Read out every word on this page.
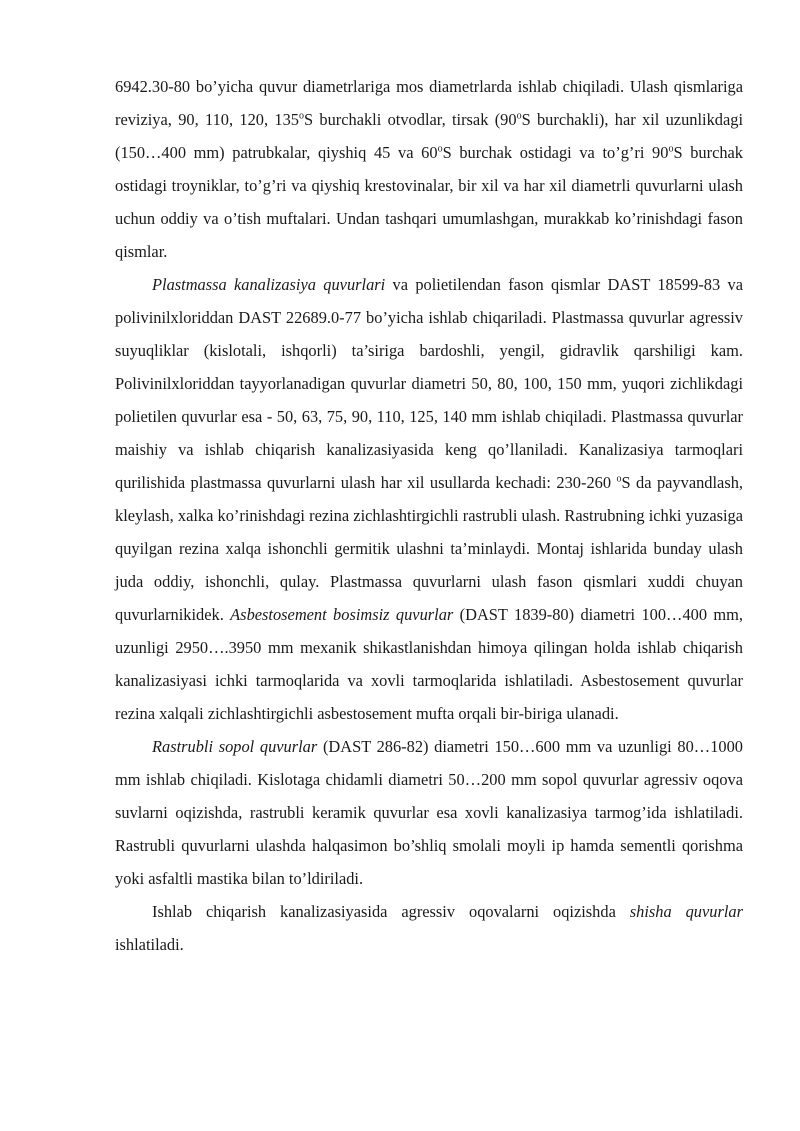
6942.30-80 bo’yicha quvur diametrlariga mos diametrlarda ishlab chiqiladi. Ulash qismlariga reviziya, 90, 110, 120, 135$^o$S burchakli otvodlar, tirsak (90$^o$S burchakli), har xil uzunlikdagi (150…400 mm) patrubkalar, qiyshiq 45 va 60$^o$S burchak ostidagi va to’g’ri 90$^o$S burchak ostidagi troyniklar, to’g’ri va qiyshiq krestovinalar, bir xil va har xil diametrli quvurlarni ulash uchun oddiy va o’tish muftalari. Undan tashqari umumlashgan, murakkab ko’rinishdagi fason qismlar.

Plastmassa kanalizasiya quvurlari va polietilendan fason qismlar DAST 18599-83 va polivinilxloriddan DAST 22689.0-77 bo’yicha ishlab chiqariladi. Plastmassa quvurlar agressiv suyuqliklar (kislotali, ishqorli) ta’siriga bardoshli, yengil, gidravlik qarshiligi kam. Polivinilxloriddan tayyorlanadigan quvurlar diametri 50, 80, 100, 150 mm, yuqori zichlikdagi polietilen quvurlar esa - 50, 63, 75, 90, 110, 125, 140 mm ishlab chiqiladi. Plastmassa quvurlar maishiy va ishlab chiqarish kanalizasiyasida keng qo’llaniladi. Kanalizasiya tarmoqlari qurilishida plastmassa quvurlarni ulash har xil usullarda kechadi: 230-260 $^o$S da payvandlash, kleylash, xalka ko’rinishdagi rezina zichlashtirgichli rastrubli ulash. Rastrubning ichki yuzasiga quyilgan rezina xalqa ishonchli germitik ulashni ta’minlaydi. Montaj ishlarida bunday ulash juda oddiy, ishonchli, qulay. Plastmassa quvurlarni ulash fason qismlari xuddi chuyan quvurlarnikidek. Asbestosement bosimsiz quvurlar (DAST 1839-80) diametri 100…400 mm, uzunligi 2950….3950 mm mexanik shikastlanishdan himoya qilingan holda ishlab chiqarish kanalizasiyasi ichki tarmoqlarida va xovli tarmoqlarida ishlatiladi. Asbestosement quvurlar rezina xalqali zichlashtirgichli asbestosement mufta orqali bir-biriga ulanadi.

Rastrubli sopol quvurlar (DAST 286-82) diametri 150…600 mm va uzunligi 80…1000 mm ishlab chiqiladi. Kislotaga chidamli diametri 50…200 mm sopol quvurlar agressiv oqova suvlarni oqizishda, rastrubli keramik quvurlar esa xovli kanalizasiya tarmog’ida ishlatiladi. Rastrubli quvurlarni ulashda halqasimon bo’shliq smolali moyli ip hamda sementli qorishma yoki asfaltli mastika bilan to’ldiriladi.

Ishlab chiqarish kanalizasiyasida agressiv oqovalarni oqizishda shisha quvurlar ishlatiladi.
